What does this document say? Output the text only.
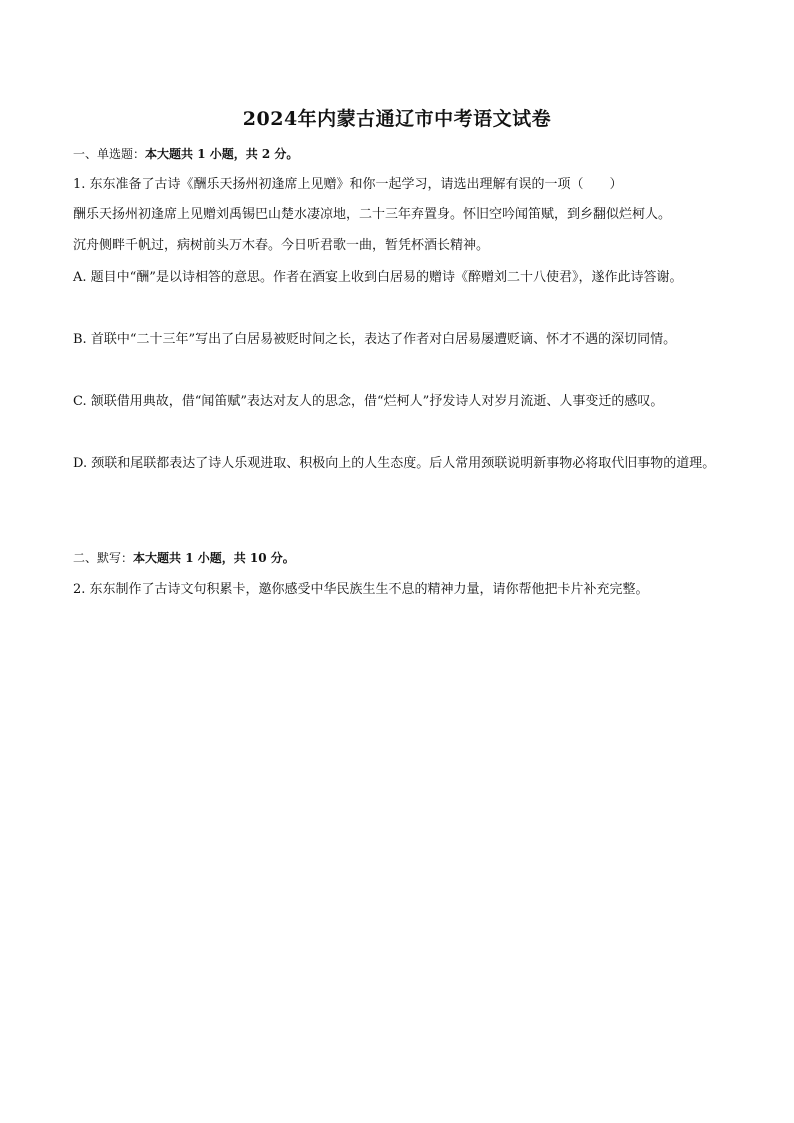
2024年内蒙古通辽市中考语文试卷
一、单选题：本大题共 1 小题，共 2 分。
1. 东东准备了古诗《酬乐天扬州初逢席上见赠》和你一起学习，请选出理解有误的一项（　　）
酬乐天扬州初逢席上见赠刘禹锡巴山楚水凄凉地，二十三年弃置身。怀旧空吟闻笛赋，到乡翻似烂柯人。
沉舟侧畔千帆过，病树前头万木春。今日听君歌一曲，暂凭杯酒长精神。
A. 题目中“酬”是以诗相答的意思。作者在酒宴上收到白居易的赠诗《醉赠刘二十八使君》，遂作此诗答谢。
B. 首联中“二十三年”写出了白居易被贬时间之长，表达了作者对白居易屡遭贬谪、怀才不遇的深切同情。
C. 颔联借用典故，借“闻笛赋”表达对友人的思念，借“烂柯人”抒发诗人对岁月流逝、人事变迁的感叹。
D. 颈联和尾联都表达了诗人乐观进取、积极向上的人生态度。后人常用颈联说明新事物必将取代旧事物的道理。
二、默写：本大题共 1 小题，共 10 分。
2. 东东制作了古诗文句积累卡，邀你感受中华民族生生不息的精神力量，请你帮他把卡片补充完整。
